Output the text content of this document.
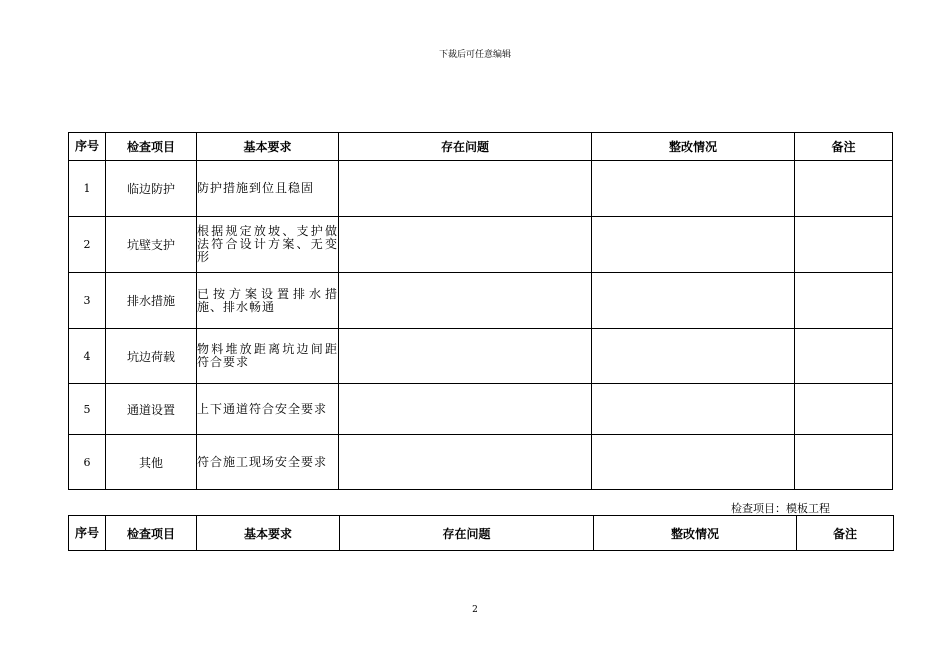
下裁后可任意编辑
序号	检查项目	基本要求	存在问题	整改情况	备注
1	临边防护	防护措施到位且稳固			
2	坑壁支护	根据规定放坡、支护做法符合设计方案、无变形			
3	排水措施	已按方案设置排水措施、排水畅通			
4	坑边荷载	物料堆放距离坑边间距符合要求			
5	通道设置	上下通道符合安全要求			
6	其他	符合施工现场安全要求			
检查项目：模板工程
序号	检查项目	基本要求	存在问题	整改情况	备注
2
